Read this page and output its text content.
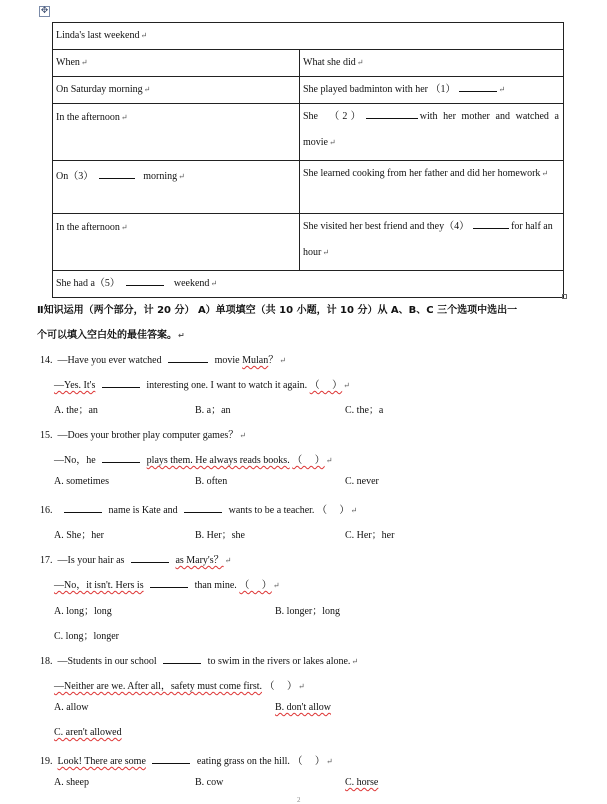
✥
Linda's last weekend↵	
When↵	What she did↵
On Saturday morning↵	She played badminton with her （1） ↵
In the afternoon↵	She  （2） with her mother and watched a movie↵
On（3） morning↵	She learned cooking from her father and did her homework↵
In the afternoon↵	She visited her best friend and they（4） for half an hour↵
She had a（5） weekend↵	
Ⅱ知识运用（两个部分，计 20 分） A）单项填空（共 10 小题，计 10 分）从 A、B、C 三个选项中选出一
个可以填入空白处的最佳答案。↵
14. —Have you ever watched	movie Mulan？↵
—Yes. It's	interesting one. I want to watch it again. （     ）↵
A. the；an	B. a；an	C. the；a
15. —Does your brother play computer games？↵
—No，he	plays them. He always reads books. （     ）↵
A. sometimes	B. often	C. never
16.	name is Kate and	wants to be a teacher. （     ）↵
A. She；her	B. Her；she	C. Her；her
17. —Is your hair as	as Mary's？↵
—No，it isn't. Hers is	than mine. （     ）↵
A. long；long	B. longer；long
C. long；longer
18. —Students in our school	to swim in the rivers or lakes alone.↵
—Neither are we. After all，safety must come first. （     ）↵
A. allow	B. don't allow
C. aren't allowed
19. Look! There are some	eating grass on the hill. （     ）↵
A. sheep	B. cow	C. horse
2
